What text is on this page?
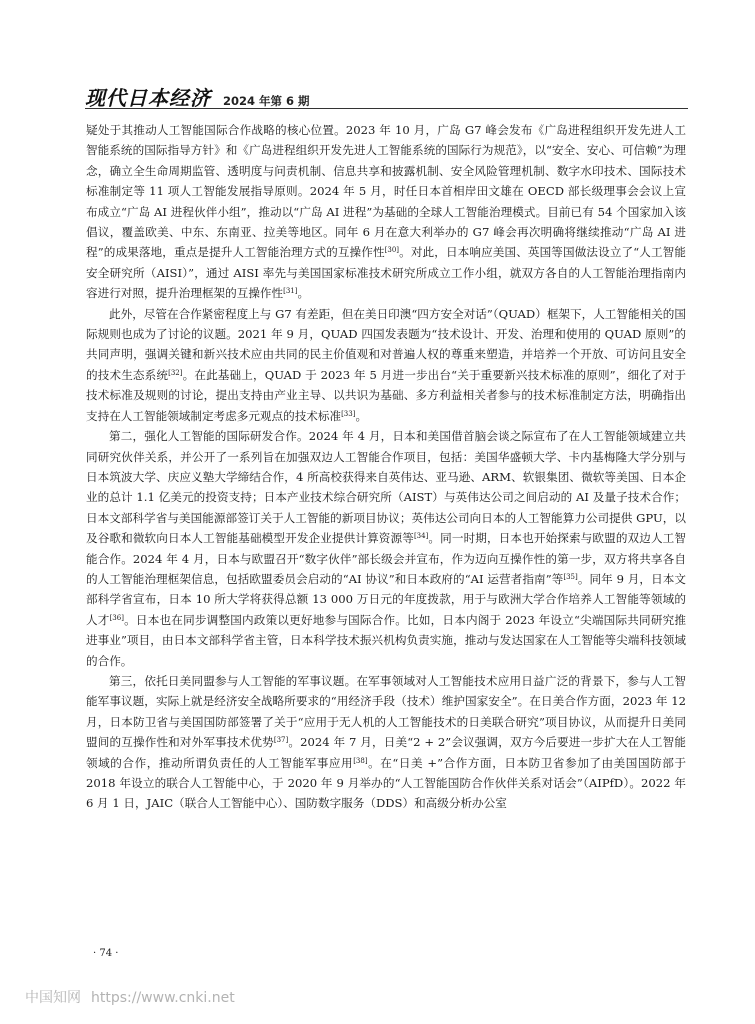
现代日本经济 2024 年第 6 期

疑处于其推动人工智能国际合作战略的核心位置。2023 年 10 月，广岛 G7 峰会发布《广岛进程组织开发先进人工智能系统的国际指导方针》和《广岛进程组织开发先进人工智能系统的国际行为规范》，以“安全、安心、可信赖”为理念，确立全生命周期监管、透明度与问责机制、信息共享和披露机制、安全风险管理机制、数字水印技术、国际技术标准制定等 11 项人工智能发展指导原则。2024 年 5 月，时任日本首相岸田文雄在 OECD 部长级理事会会议上宣布成立“广岛 AI 进程伙伴小组”，推动以“广岛 AI 进程”为基础的全球人工智能治理模式。目前已有 54 个国家加入该倡议，覆盖欧美、中东、东南亚、拉美等地区。同年 6 月在意大利举办的 G7 峰会再次明确将继续推动“广岛 AI 进程”的成果落地，重点是提升人工智能治理方式的互操作性[30]。对此，日本响应美国、英国等国做法设立了“人工智能安全研究所（AISI）”，通过 AISI 率先与美国国家标准技术研究所成立工作小组，就双方各自的人工智能治理指南内容进行对照，提升治理框架的互操作性[31]。

此外，尽管在合作紧密程度上与 G7 有差距，但在美日印澳“四方安全对话”（QUAD）框架下，人工智能相关的国际规则也成为了讨论的议题。2021 年 9 月，QUAD 四国发表题为“技术设计、开发、治理和使用的 QUAD 原则”的共同声明，强调关键和新兴技术应由共同的民主价值观和对普遍人权的尊重来塑造，并培养一个开放、可访问且安全的技术生态系统[32]。在此基础上，QUAD 于 2023 年 5 月进一步出台“关于重要新兴技术标准的原则”，细化了对于技术标准及规则的讨论，提出支持由产业主导、以共识为基础、多方利益相关者参与的技术标准制定方法，明确指出支持在人工智能领域制定考虑多元观点的技术标准[33]。

第二，强化人工智能的国际研发合作。2024 年 4 月，日本和美国借首脑会谈之际宣布了在人工智能领域建立共同研究伙伴关系，并公开了一系列旨在加强双边人工智能合作项目，包括：美国华盛顿大学、卡内基梅隆大学分别与日本筑波大学、庆应义塾大学缔结合作，4 所高校获得来自英伟达、亚马逊、ARM、软银集团、微软等美国、日本企业的总计 1.1 亿美元的投资支持；日本产业技术综合研究所（AIST）与英伟达公司之间启动的 AI 及量子技术合作；日本文部科学省与美国能源部签订关于人工智能的新项目协议；英伟达公司向日本的人工智能算力公司提供 GPU，以及谷歌和微软向日本人工智能基础模型开发企业提供计算资源等[34]。同一时期，日本也开始探索与欧盟的双边人工智能合作。2024 年 4 月，日本与欧盟召开“数字伙伴”部长级会并宣布，作为迈向互操作性的第一步，双方将共享各自的人工智能治理框架信息，包括欧盟委员会启动的“AI 协议”和日本政府的“AI 运营者指南”等[35]。同年 9 月，日本文部科学省宣布，日本 10 所大学将获得总额 13 000 万日元的年度拨款，用于与欧洲大学合作培养人工智能等领域的人才[36]。日本也在同步调整国内政策以更好地参与国际合作。比如，日本内阁于 2023 年设立“尖端国际共同研究推进事业”项目，由日本文部科学省主管，日本科学技术振兴机构负责实施，推动与发达国家在人工智能等尖端科技领域的合作。

第三，依托日美同盟参与人工智能的军事议题。在军事领域对人工智能技术应用日益广泛的背景下，参与人工智能军事议题，实际上就是经济安全战略所要求的“用经济手段（技术）维护国家安全”。在日美合作方面，2023 年 12 月，日本防卫省与美国国防部签署了关于“应用于无人机的人工智能技术的日美联合研究”项目协议，从而提升日美同盟间的互操作性和对外军事技术优势[37]。2024 年 7 月，日美“2 + 2”会议强调，双方今后要进一步扩大在人工智能领域的合作，推动所谓负责任的人工智能军事应用[38]。在“日美 +”合作方面，日本防卫省参加了由美国国防部于 2018 年设立的联合人工智能中心，于 2020 年 9 月举办的“人工智能国防合作伙伴关系对话会”（AIPfD）。2022 年 6 月 1 日，JAIC（联合人工智能中心）、国防数字服务（DDS）和高级分析办公室

· 74 ·
中国知网 https://www.cnki.net
